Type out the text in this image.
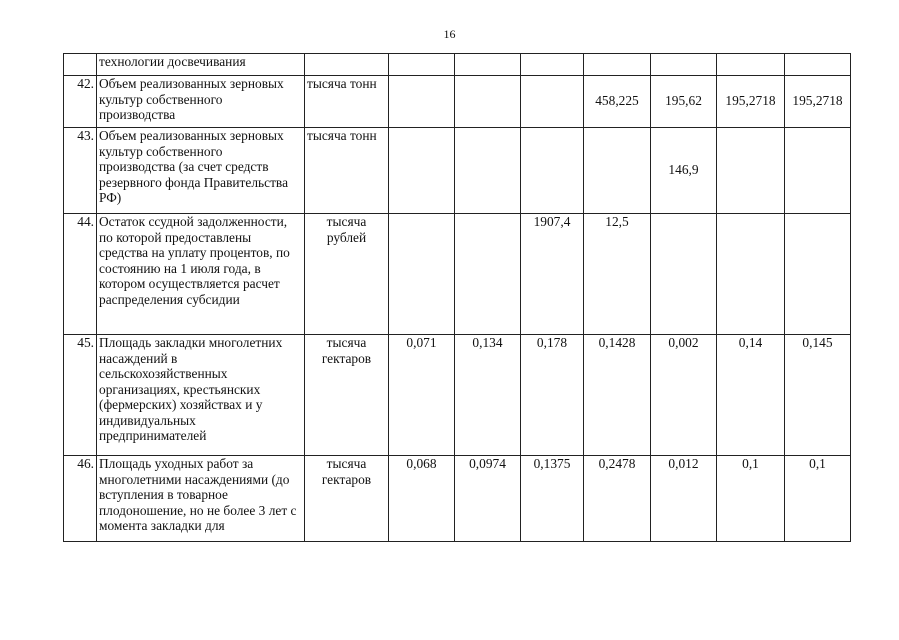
16
	технологии досвечивания								
42.	Объем реализованных зерновых культур собственного производства	тысяча тонн				458,225	195,62	195,2718	195,2718
43.	Объем реализованных зерновых культур собственного производства (за счет средств резервного фонда Правительства РФ)	тысяча тонн					146,9		
44.	Остаток ссудной задолженности, по которой предоставлены средства на уплату процентов, по состоянию на 1 июля года, в котором осуществляется расчет распределения субсидии	тысяча рублей			1907,4	12,5			
45.	Площадь закладки многолетних насаждений в сельскохозяйственных организациях, крестьянских (фермерских) хозяйствах и у индивидуальных предпринимателей	тысяча гектаров	0,071	0,134	0,178	0,1428	0,002	0,14	0,145
46.	Площадь уходных работ за многолетними насаждениями (до вступления в товарное плодоношение, но не более 3 лет с момента закладки для	тысяча гектаров	0,068	0,0974	0,1375	0,2478	0,012	0,1	0,1
